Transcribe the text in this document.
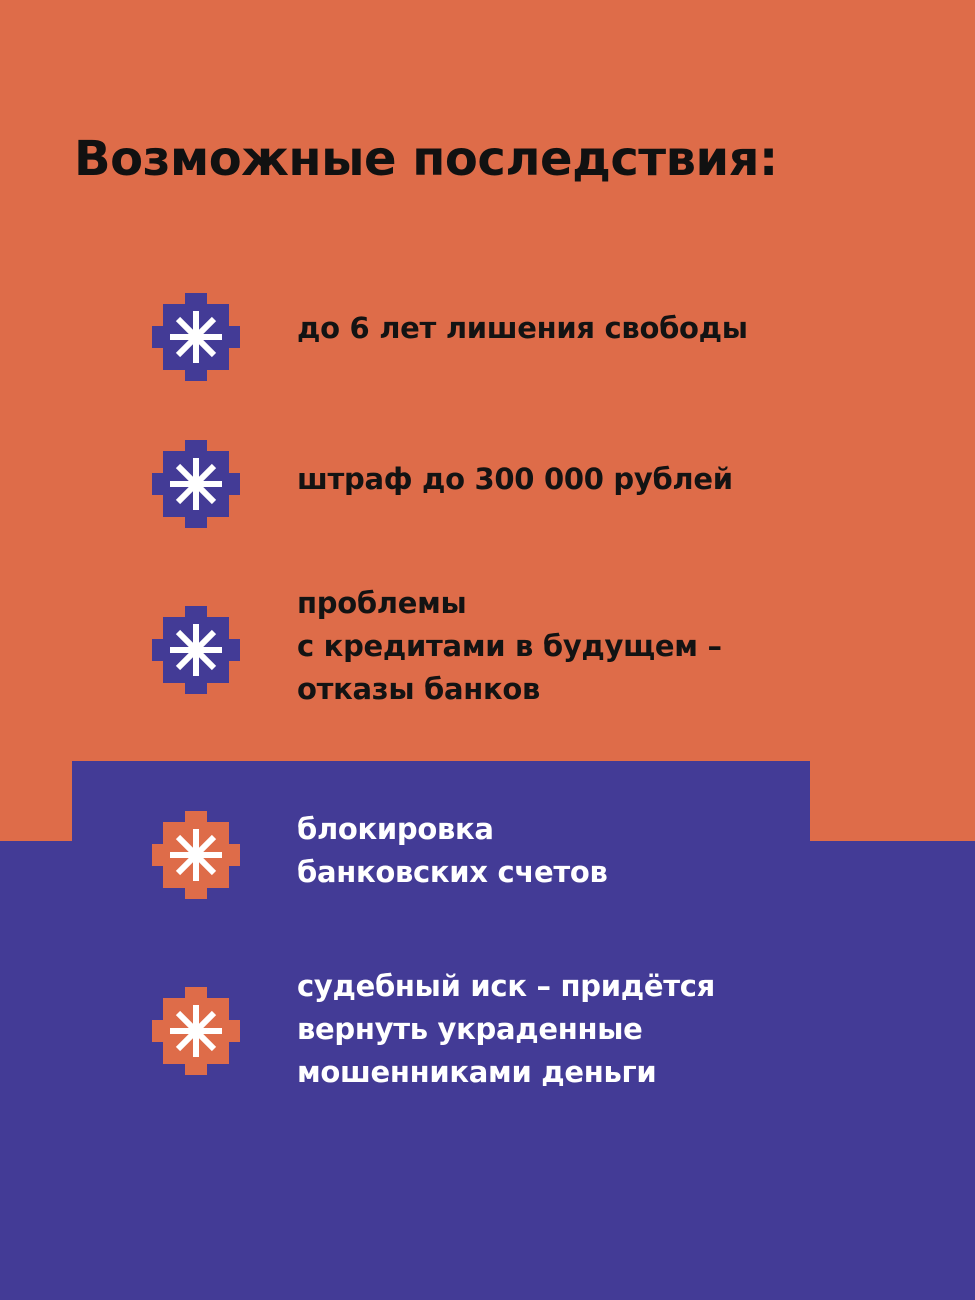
Возможные последствия:
до 6 лет лишения свободы
штраф до 300 000 рублей
проблемы
с кредитами в будущем –
отказы банков
блокировка
банковских счетов
судебный иск – придётся
вернуть украденные
мошенниками деньги
